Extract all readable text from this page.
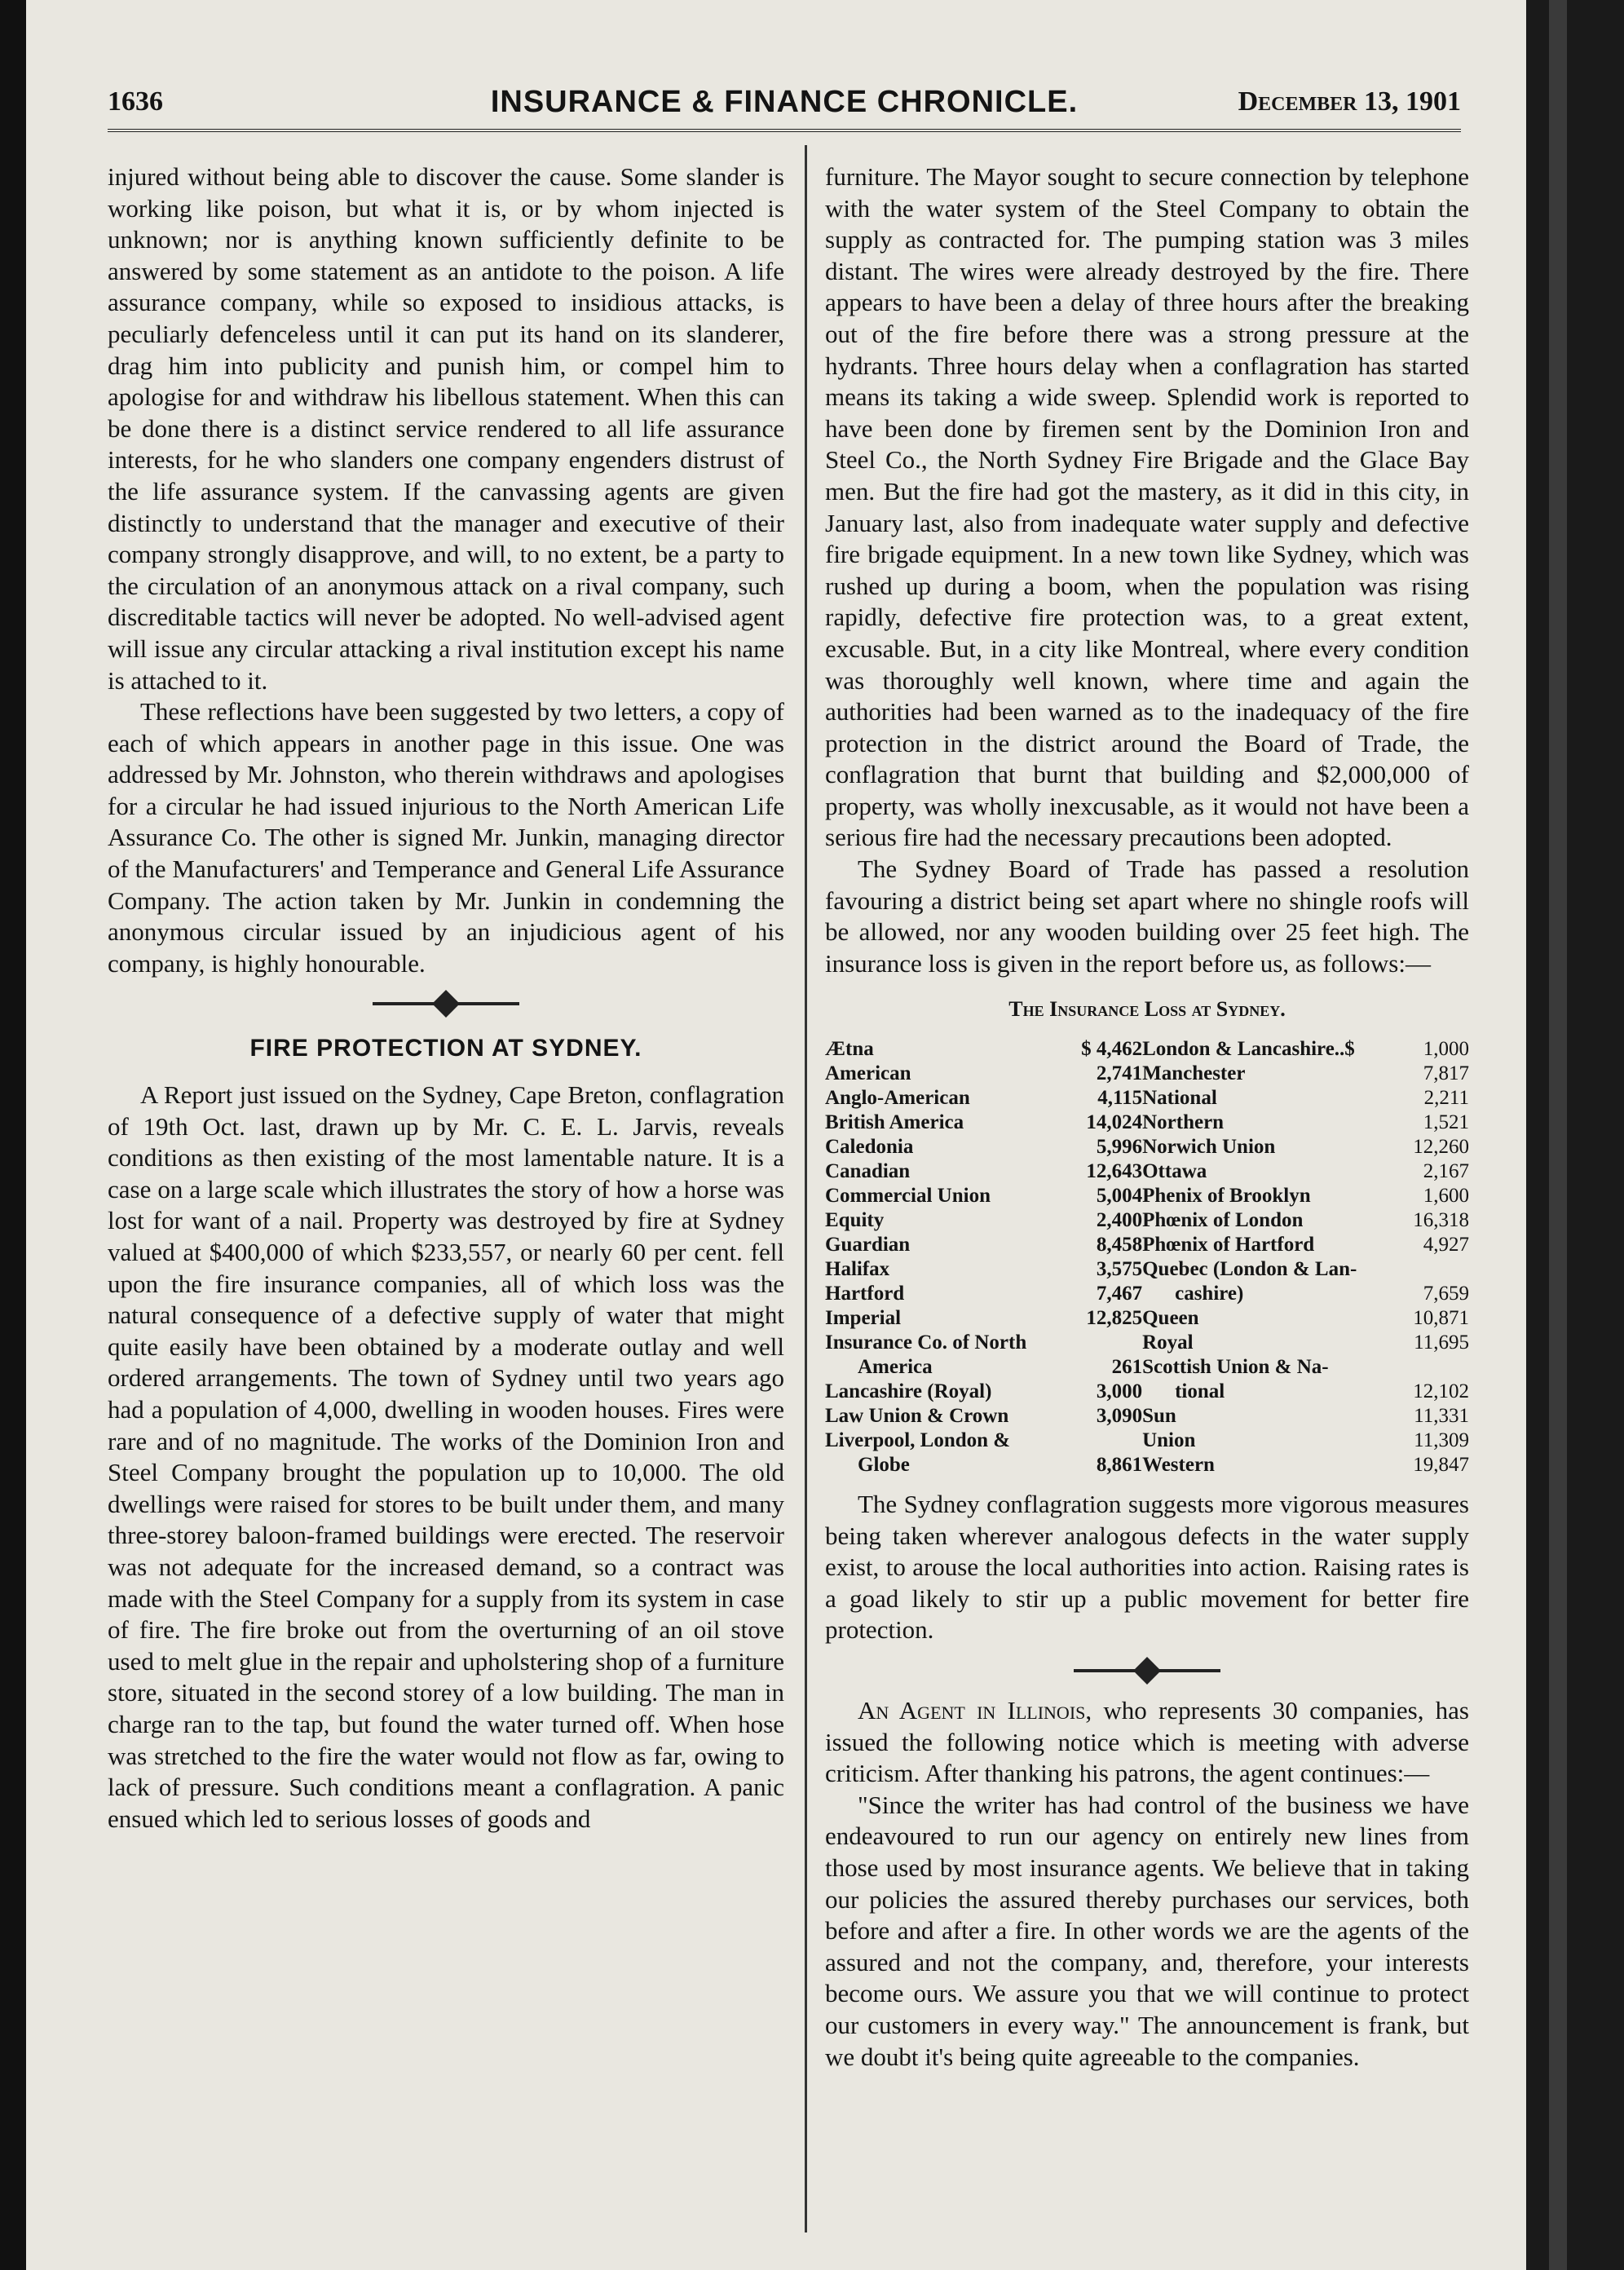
1636	INSURANCE & FINANCE CHRONICLE.	December 13, 1901

injured without being able to discover the cause. Some slander is working like poison, but what it is, or by whom injected is unknown; nor is anything known sufficiently definite to be answered by some statement as an antidote to the poison. A life assurance company, while so exposed to insidious attacks, is peculiarly defenceless until it can put its hand on its slanderer, drag him into publicity and punish him, or compel him to apologise for and withdraw his libellous statement. When this can be done there is a distinct service rendered to all life assurance interests, for he who slanders one company engenders distrust of the life assurance system. If the canvassing agents are given distinctly to understand that the manager and executive of their company strongly disapprove, and will, to no extent, be a party to the circulation of an anonymous attack on a rival company, such discreditable tactics will never be adopted. No well-advised agent will issue any circular attacking a rival institution except his name is attached to it.

These reflections have been suggested by two letters, a copy of each of which appears in another page in this issue. One was addressed by Mr. Johnston, who therein withdraws and apologises for a circular he had issued injurious to the North American Life Assurance Co. The other is signed Mr. Junkin, managing director of the Manufacturers' and Temperance and General Life Assurance Company. The action taken by Mr. Junkin in condemning the anonymous circular issued by an injudicious agent of his company, is highly honourable.

FIRE PROTECTION AT SYDNEY.

A Report just issued on the Sydney, Cape Breton, conflagration of 19th Oct. last, drawn up by Mr. C. E. L. Jarvis, reveals conditions as then existing of the most lamentable nature. It is a case on a large scale which illustrates the story of how a horse was lost for want of a nail. Property was destroyed by fire at Sydney valued at $400,000 of which $233,557, or nearly 60 per cent. fell upon the fire insurance companies, all of which loss was the natural consequence of a defective supply of water that might quite easily have been obtained by a moderate outlay and well ordered arrangements. The town of Sydney until two years ago had a population of 4,000, dwelling in wooden houses. Fires were rare and of no magnitude. The works of the Dominion Iron and Steel Company brought the population up to 10,000. The old dwellings were raised for stores to be built under them, and many three-storey baloon-framed buildings were erected. The reservoir was not adequate for the increased demand, so a contract was made with the Steel Company for a supply from its system in case of fire. The fire broke out from the overturning of an oil stove used to melt glue in the repair and upholstering shop of a furniture store, situated in the second storey of a low building. The man in charge ran to the tap, but found the water turned off. When hose was stretched to the fire the water would not flow as far, owing to lack of pressure. Such conditions meant a conflagration. A panic ensued which led to serious losses of goods and

furniture. The Mayor sought to secure connection by telephone with the water system of the Steel Company to obtain the supply as contracted for. The pumping station was 3 miles distant. The wires were already destroyed by the fire. There appears to have been a delay of three hours after the breaking out of the fire before there was a strong pressure at the hydrants. Three hours delay when a conflagration has started means its taking a wide sweep. Splendid work is reported to have been done by firemen sent by the Dominion Iron and Steel Co., the North Sydney Fire Brigade and the Glace Bay men. But the fire had got the mastery, as it did in this city, in January last, also from inadequate water supply and defective fire brigade equipment. In a new town like Sydney, which was rushed up during a boom, when the population was rising rapidly, defective fire protection was, to a great extent, excusable. But, in a city like Montreal, where every condition was thoroughly well known, where time and again the authorities had been warned as to the inadequacy of the fire protection in the district around the Board of Trade, the conflagration that burnt that building and $2,000,000 of property, was wholly inexcusable, as it would not have been a serious fire had the necessary precautions been adopted.

The Sydney Board of Trade has passed a resolution favouring a district being set apart where no shingle roofs will be allowed, nor any wooden building over 25 feet high. The insurance loss is given in the report before us, as follows:—

The Insurance Loss at Sydney.
Ætna	$ 4,462	London & Lancashire..$	1,000
American	2,741	Manchester	7,817
Anglo-American	4,115	National	2,211
British America	14,024	Northern	1,521
Caledonia	5,996	Norwich Union	12,260
Canadian	12,643	Ottawa	2,167
Commercial Union	5,004	Phenix of Brooklyn	1,600
Equity	2,400	Phœnix of London	16,318
Guardian	8,458	Phœnix of Hartford	4,927
Halifax	3,575	Quebec (London & Lan-	
Hartford	7,467	cashire)	7,659
Imperial	12,825	Queen	10,871
Insurance Co. of North		Royal	11,695
America	261	Scottish Union & Na-	
Lancashire (Royal)	3,000	tional	12,102
Law Union & Crown	3,090	Sun	11,331
Liverpool, London &		Union	11,309
Globe	8,861	Western	19,847

The Sydney conflagration suggests more vigorous measures being taken wherever analogous defects in the water supply exist, to arouse the local authorities into action. Raising rates is a goad likely to stir up a public movement for better fire protection.

An Agent in Illinois, who represents 30 companies, has issued the following notice which is meeting with adverse criticism. After thanking his patrons, the agent continues:—

"Since the writer has had control of the business we have endeavoured to run our agency on entirely new lines from those used by most insurance agents. We believe that in taking our policies the assured thereby purchases our services, both before and after a fire. In other words we are the agents of the assured and not the company, and, therefore, your interests become ours. We assure you that we will continue to protect our customers in every way." The announcement is frank, but we doubt it's being quite agreeable to the companies.
